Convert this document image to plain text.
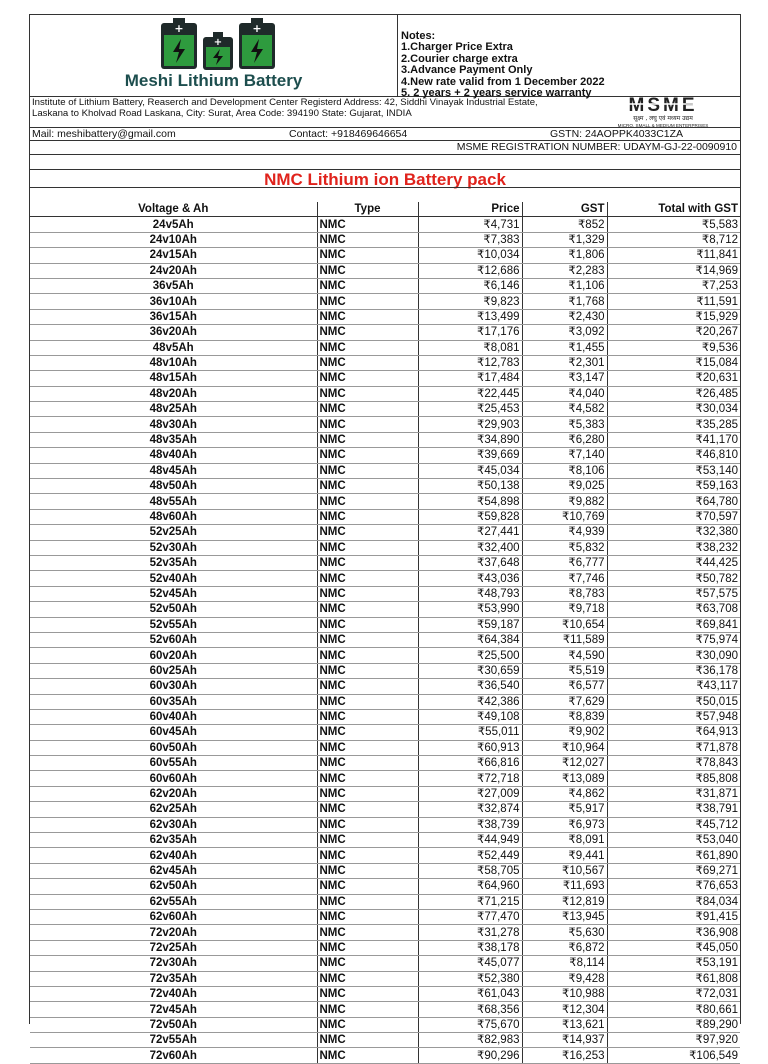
+
+
+
Meshi Lithium Battery
Notes:
1.Charger Price Extra
2.Courier charge extra
3.Advance Payment Only
4.New rate valid from 1 December 2022
5. 2 years + 2 years service warranty
Institute of Lithium Battery, Reaserch and Development Center Registerd Address: 42, Siddhi Vinayak Industrial Estate, Laskana to Kholvad Road Laskana, City: Surat, Area Code: 394190 State: Gujarat, INDIA	MSME
सूक्ष्म , लघु एवं मध्यम उद्यम
MICRO, SMALL & MEDIUM ENTERPRISES
Mail: meshibattery@gmail.com	Contact: +918469646654	GSTN: 24AOPPK4033C1ZA
MSME REGISTRATION NUMBER: UDAYM-GJ-22-0090910
NMC Lithium ion Battery pack
Voltage & Ah	Type	Price	GST	Total with GST
24v5Ah	NMC	₹4,731	₹852	₹5,583
24v10Ah	NMC	₹7,383	₹1,329	₹8,712
24v15Ah	NMC	₹10,034	₹1,806	₹11,841
24v20Ah	NMC	₹12,686	₹2,283	₹14,969
36v5Ah	NMC	₹6,146	₹1,106	₹7,253
36v10Ah	NMC	₹9,823	₹1,768	₹11,591
36v15Ah	NMC	₹13,499	₹2,430	₹15,929
36v20Ah	NMC	₹17,176	₹3,092	₹20,267
48v5Ah	NMC	₹8,081	₹1,455	₹9,536
48v10Ah	NMC	₹12,783	₹2,301	₹15,084
48v15Ah	NMC	₹17,484	₹3,147	₹20,631
48v20Ah	NMC	₹22,445	₹4,040	₹26,485
48v25Ah	NMC	₹25,453	₹4,582	₹30,034
48v30Ah	NMC	₹29,903	₹5,383	₹35,285
48v35Ah	NMC	₹34,890	₹6,280	₹41,170
48v40Ah	NMC	₹39,669	₹7,140	₹46,810
48v45Ah	NMC	₹45,034	₹8,106	₹53,140
48v50Ah	NMC	₹50,138	₹9,025	₹59,163
48v55Ah	NMC	₹54,898	₹9,882	₹64,780
48v60Ah	NMC	₹59,828	₹10,769	₹70,597
52v25Ah	NMC	₹27,441	₹4,939	₹32,380
52v30Ah	NMC	₹32,400	₹5,832	₹38,232
52v35Ah	NMC	₹37,648	₹6,777	₹44,425
52v40Ah	NMC	₹43,036	₹7,746	₹50,782
52v45Ah	NMC	₹48,793	₹8,783	₹57,575
52v50Ah	NMC	₹53,990	₹9,718	₹63,708
52v55Ah	NMC	₹59,187	₹10,654	₹69,841
52v60Ah	NMC	₹64,384	₹11,589	₹75,974
60v20Ah	NMC	₹25,500	₹4,590	₹30,090
60v25Ah	NMC	₹30,659	₹5,519	₹36,178
60v30Ah	NMC	₹36,540	₹6,577	₹43,117
60v35Ah	NMC	₹42,386	₹7,629	₹50,015
60v40Ah	NMC	₹49,108	₹8,839	₹57,948
60v45Ah	NMC	₹55,011	₹9,902	₹64,913
60v50Ah	NMC	₹60,913	₹10,964	₹71,878
60v55Ah	NMC	₹66,816	₹12,027	₹78,843
60v60Ah	NMC	₹72,718	₹13,089	₹85,808
62v20Ah	NMC	₹27,009	₹4,862	₹31,871
62v25Ah	NMC	₹32,874	₹5,917	₹38,791
62v30Ah	NMC	₹38,739	₹6,973	₹45,712
62v35Ah	NMC	₹44,949	₹8,091	₹53,040
62v40Ah	NMC	₹52,449	₹9,441	₹61,890
62v45Ah	NMC	₹58,705	₹10,567	₹69,271
62v50Ah	NMC	₹64,960	₹11,693	₹76,653
62v55Ah	NMC	₹71,215	₹12,819	₹84,034
62v60Ah	NMC	₹77,470	₹13,945	₹91,415
72v20Ah	NMC	₹31,278	₹5,630	₹36,908
72v25Ah	NMC	₹38,178	₹6,872	₹45,050
72v30Ah	NMC	₹45,077	₹8,114	₹53,191
72v35Ah	NMC	₹52,380	₹9,428	₹61,808
72v40Ah	NMC	₹61,043	₹10,988	₹72,031
72v45Ah	NMC	₹68,356	₹12,304	₹80,661
72v50Ah	NMC	₹75,670	₹13,621	₹89,290
72v55Ah	NMC	₹82,983	₹14,937	₹97,920
72v60Ah	NMC	₹90,296	₹16,253	₹106,549
